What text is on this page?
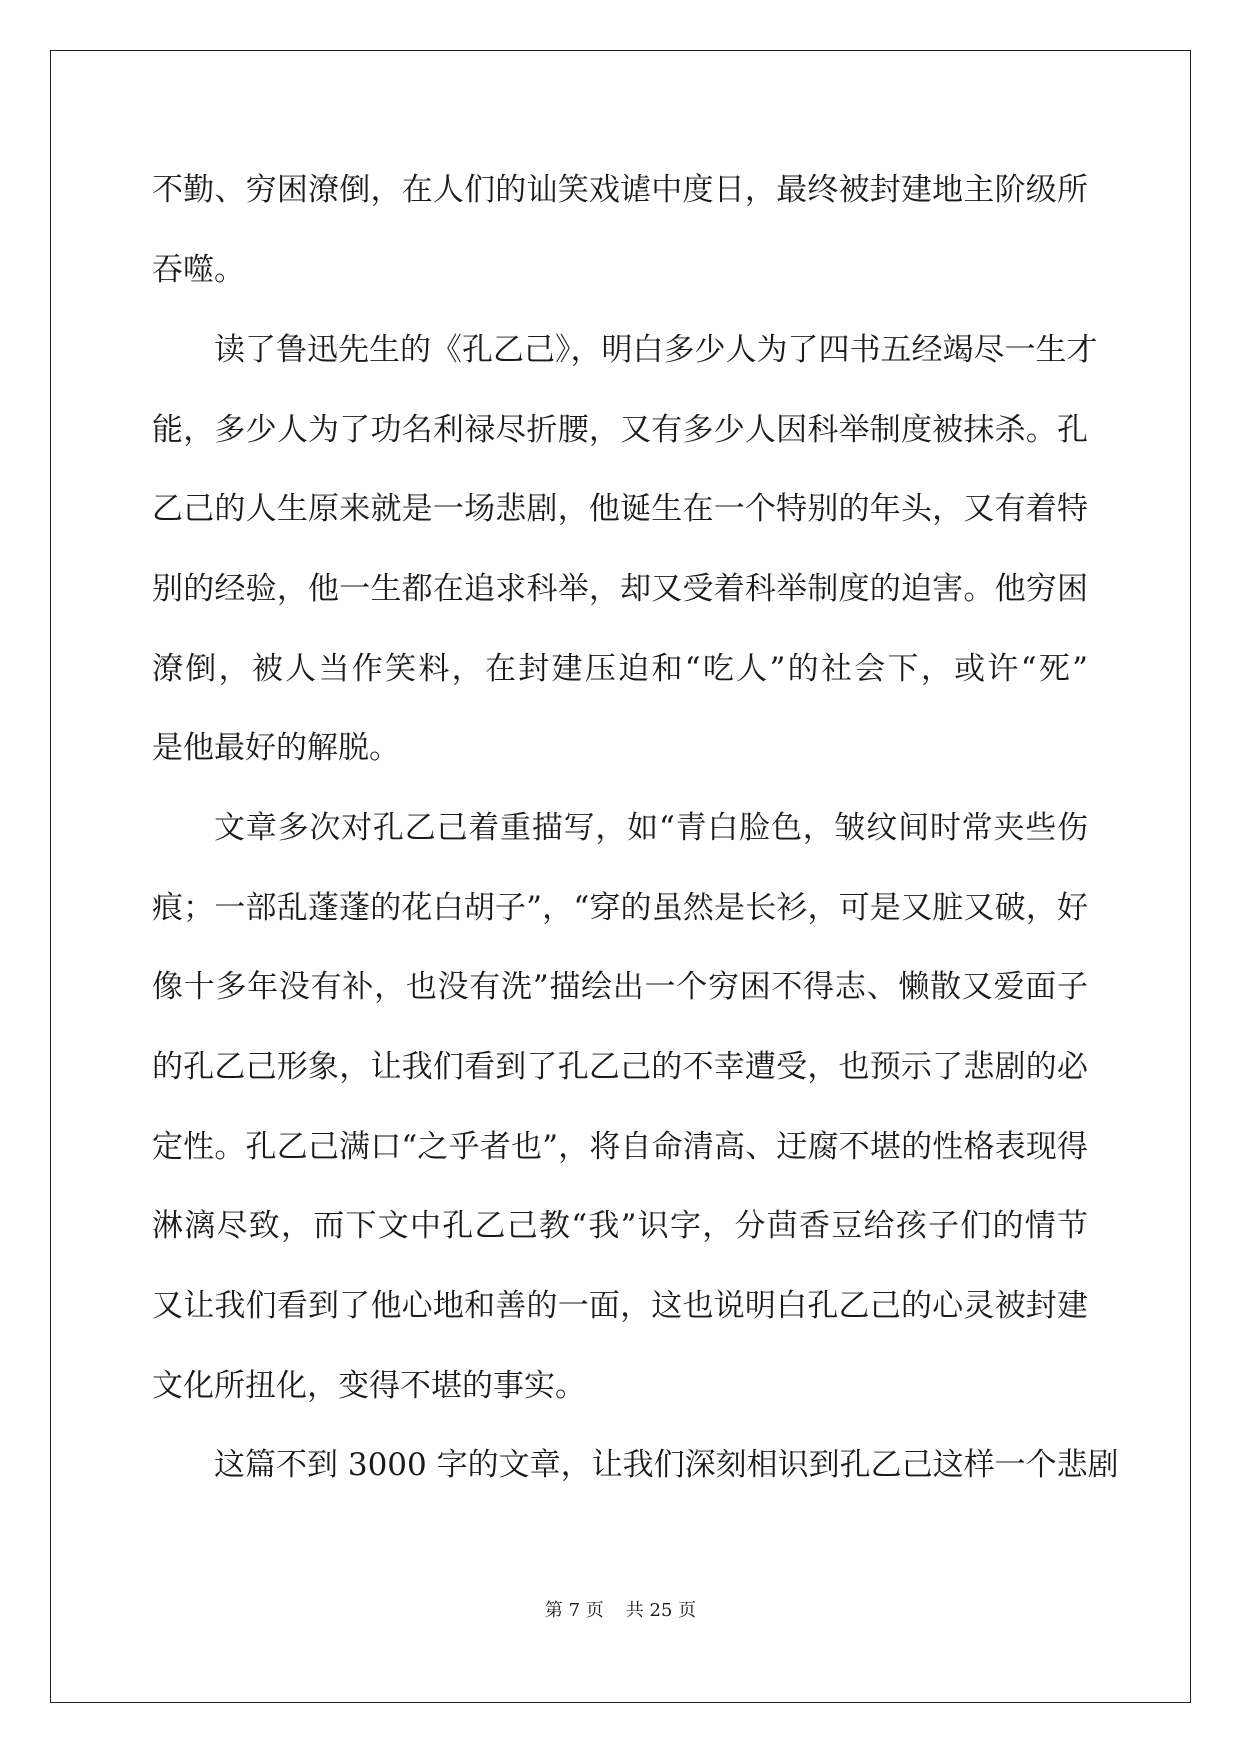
不勤、穷困潦倒，在人们的讪笑戏谑中度日，最终被封建地主阶级所
吞噬。
读了鲁迅先生的《孔乙己》，明白多少人为了四书五经竭尽一生才
能，多少人为了功名利禄尽折腰，又有多少人因科举制度被抹杀。孔
乙己的人生原来就是一场悲剧，他诞生在一个特别的年头，又有着特
别的经验，他一生都在追求科举，却又受着科举制度的迫害。他穷困
潦倒，被人当作笑料，在封建压迫和“吃人”的社会下，或许“死”
是他最好的解脱。
文章多次对孔乙己着重描写，如“青白脸色，皱纹间时常夹些伤
痕；一部乱蓬蓬的花白胡子”，“穿的虽然是长衫，可是又脏又破，好
像十多年没有补，也没有洗”描绘出一个穷困不得志、懒散又爱面子
的孔乙己形象，让我们看到了孔乙己的不幸遭受，也预示了悲剧的必
定性。孔乙己满口“之乎者也”，将自命清高、迂腐不堪的性格表现得
淋漓尽致，而下文中孔乙己教“我”识字，分茴香豆给孩子们的情节
又让我们看到了他心地和善的一面，这也说明白孔乙己的心灵被封建
文化所扭化，变得不堪的事实。
这篇不到 3000 字的文章，让我们深刻相识到孔乙己这样一个悲剧
第 7 页 共 25 页
